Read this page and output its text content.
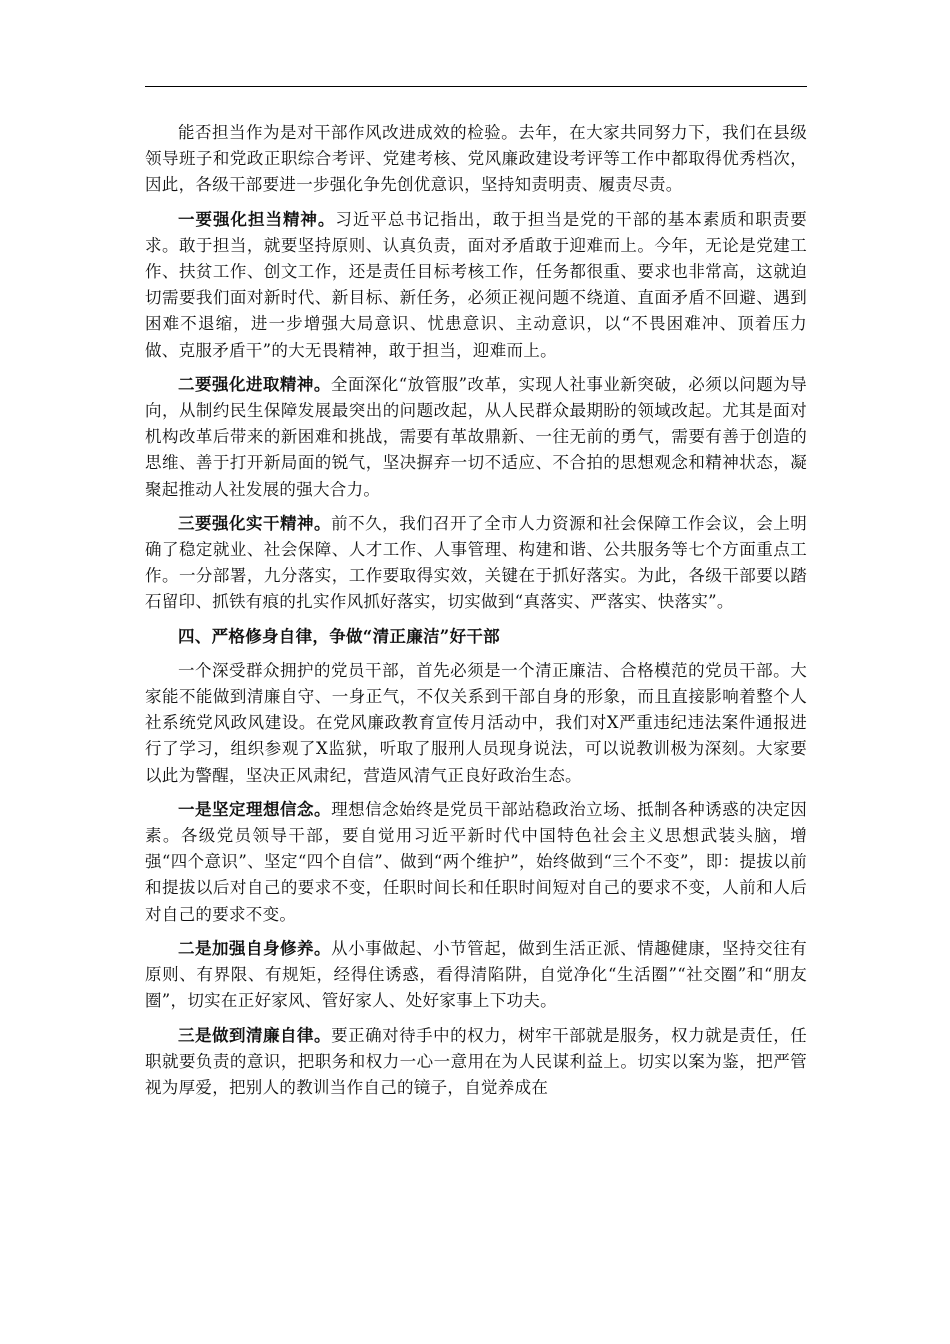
能否担当作为是对干部作风改进成效的检验。去年，在大家共同努力下，我们在县级领导班子和党政正职综合考评、党建考核、党风廉政建设考评等工作中都取得优秀档次，因此，各级干部要进一步强化争先创优意识，坚持知责明责、履责尽责。

一要强化担当精神。习近平总书记指出，敢于担当是党的干部的基本素质和职责要求。敢于担当，就要坚持原则、认真负责，面对矛盾敢于迎难而上。今年，无论是党建工作、扶贫工作、创文工作，还是责任目标考核工作，任务都很重、要求也非常高，这就迫切需要我们面对新时代、新目标、新任务，必须正视问题不绕道、直面矛盾不回避、遇到困难不退缩，进一步增强大局意识、忧患意识、主动意识，以“不畏困难冲、顶着压力做、克服矛盾干”的大无畏精神，敢于担当，迎难而上。

二要强化进取精神。全面深化“放管服”改革，实现人社事业新突破，必须以问题为导向，从制约民生保障发展最突出的问题改起，从人民群众最期盼的领域改起。尤其是面对机构改革后带来的新困难和挑战，需要有革故鼎新、一往无前的勇气，需要有善于创造的思维、善于打开新局面的锐气，坚决摒弃一切不适应、不合拍的思想观念和精神状态，凝聚起推动人社发展的强大合力。

三要强化实干精神。前不久，我们召开了全市人力资源和社会保障工作会议，会上明确了稳定就业、社会保障、人才工作、人事管理、构建和谐、公共服务等七个方面重点工作。一分部署，九分落实，工作要取得实效，关键在于抓好落实。为此，各级干部要以踏石留印、抓铁有痕的扎实作风抓好落实，切实做到“真落实、严落实、快落实”。

四、严格修身自律，争做“清正廉洁”好干部

一个深受群众拥护的党员干部，首先必须是一个清正廉洁、合格模范的党员干部。大家能不能做到清廉自守、一身正气，不仅关系到干部自身的形象，而且直接影响着整个人社系统党风政风建设。在党风廉政教育宣传月活动中，我们对X严重违纪违法案件通报进行了学习，组织参观了X监狱，听取了服刑人员现身说法，可以说教训极为深刻。大家要以此为警醒，坚决正风肃纪，营造风清气正良好政治生态。

一是坚定理想信念。理想信念始终是党员干部站稳政治立场、抵制各种诱惑的决定因素。各级党员领导干部，要自觉用习近平新时代中国特色社会主义思想武装头脑，增强“四个意识”、坚定“四个自信”、做到“两个维护”，始终做到“三个不变”，即：提拔以前和提拔以后对自己的要求不变，任职时间长和任职时间短对自己的要求不变，人前和人后对自己的要求不变。

二是加强自身修养。从小事做起、小节管起，做到生活正派、情趣健康，坚持交往有原则、有界限、有规矩，经得住诱惑，看得清陷阱，自觉净化“生活圈”“社交圈”和“朋友圈”，切实在正好家风、管好家人、处好家事上下功夫。

三是做到清廉自律。要正确对待手中的权力，树牢干部就是服务，权力就是责任，任职就要负责的意识，把职务和权力一心一意用在为人民谋利益上。切实以案为鉴，把严管视为厚爱，把别人的教训当作自己的镜子，自觉养成在
